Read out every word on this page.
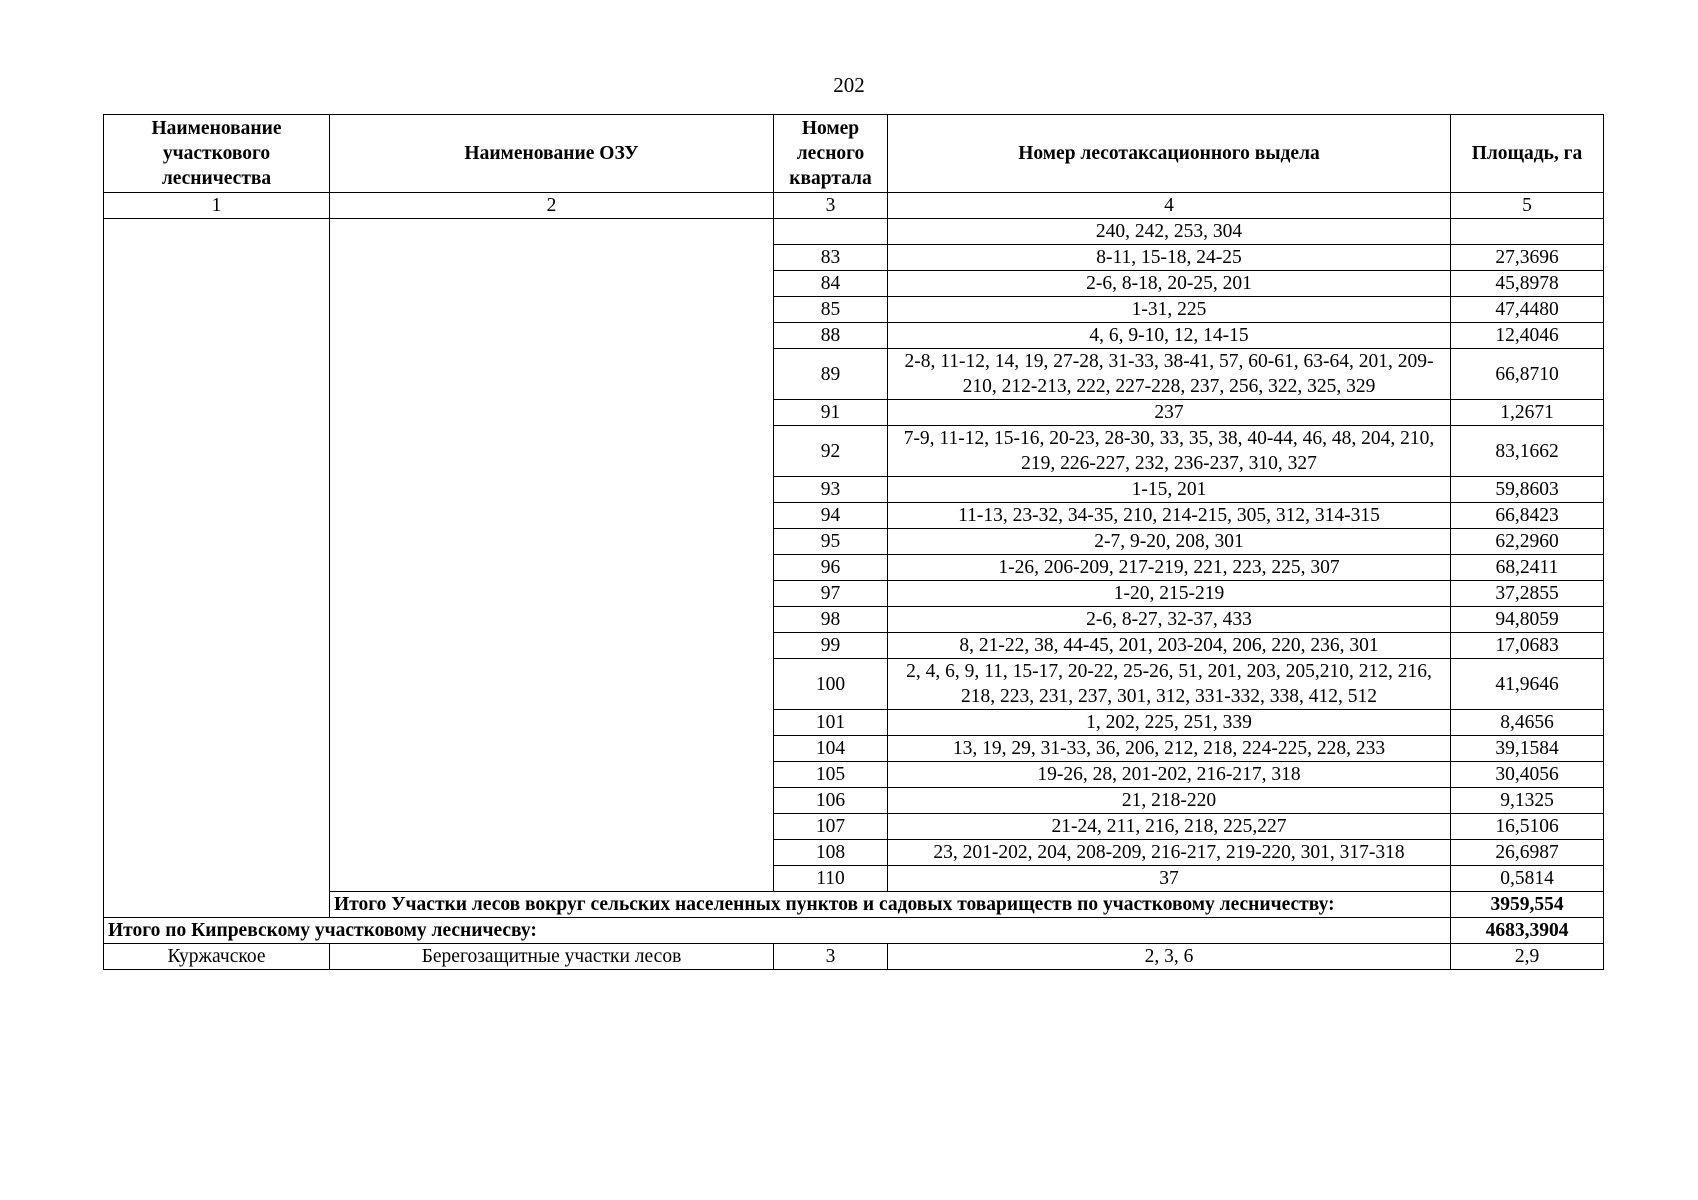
202
Наименование участкового лесничества	Наименование ОЗУ	Номер лесного квартала	Номер лесотаксационного выдела	Площадь, га
1	2	3	4	5
			240, 242, 253, 304	
		83	8-11, 15-18, 24-25	27,3696
		84	2-6, 8-18, 20-25, 201	45,8978
		85	1-31, 225	47,4480
		88	4, 6, 9-10, 12, 14-15	12,4046
		89	2-8, 11-12, 14, 19, 27-28, 31-33, 38-41, 57, 60-61, 63-64, 201, 209-210, 212-213, 222, 227-228, 237, 256, 322, 325, 329	66,8710
		91	237	1,2671
		92	7-9, 11-12, 15-16, 20-23, 28-30, 33, 35, 38, 40-44, 46, 48, 204, 210, 219, 226-227, 232, 236-237, 310, 327	83,1662
		93	1-15, 201	59,8603
		94	11-13, 23-32, 34-35, 210, 214-215, 305, 312, 314-315	66,8423
		95	2-7, 9-20, 208, 301	62,2960
		96	1-26, 206-209, 217-219, 221, 223, 225, 307	68,2411
		97	1-20, 215-219	37,2855
		98	2-6, 8-27, 32-37, 433	94,8059
		99	8, 21-22, 38, 44-45, 201, 203-204, 206, 220, 236, 301	17,0683
		100	2, 4, 6, 9, 11, 15-17, 20-22, 25-26, 51, 201, 203, 205,210, 212, 216, 218, 223, 231, 237, 301, 312, 331-332, 338, 412, 512	41,9646
		101	1, 202, 225, 251, 339	8,4656
		104	13, 19, 29, 31-33, 36, 206, 212, 218, 224-225, 228, 233	39,1584
		105	19-26, 28, 201-202, 216-217, 318	30,4056
		106	21, 218-220	9,1325
		107	21-24, 211, 216, 218, 225,227	16,5106
		108	23, 201-202, 204, 208-209, 216-217, 219-220, 301, 317-318	26,6987
		110	37	0,5814
	Итого Участки лесов вокруг сельских населенных пунктов и садовых товариществ по участковому лесничеству:			3959,554
Итого по Кипревскому участковому лесничесву:				4683,3904
Куржачское	Берегозащитные участки лесов	3	2, 3, 6	2,9
